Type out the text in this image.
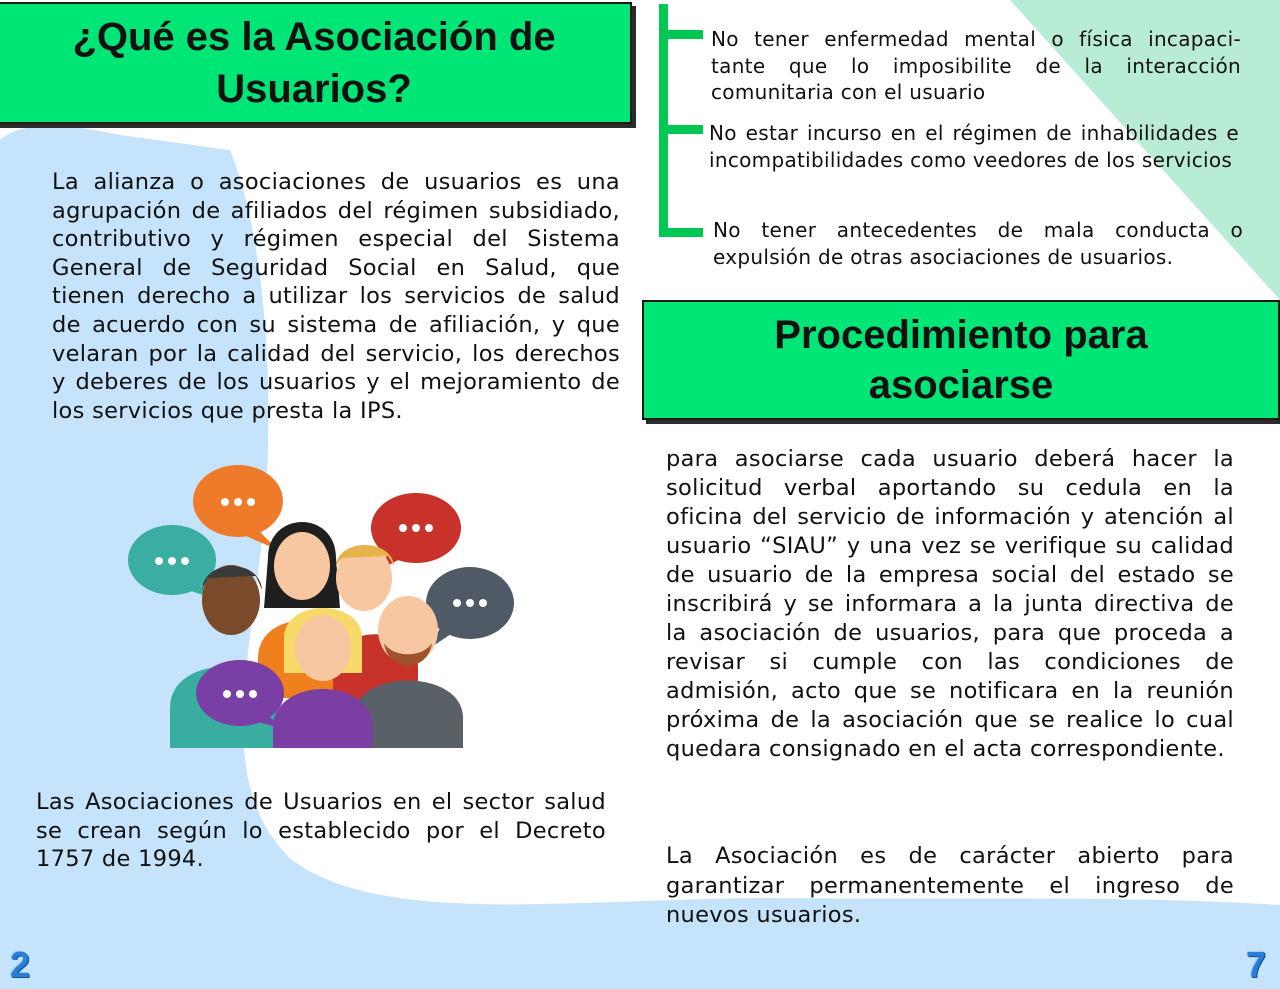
¿Qué es la Asociación de Usuarios?
La alianza o asociaciones de usuarios es una agrupación de afiliados del régimen subsidiado, contributivo y régimen especial del Sistema General de Seguridad Social en Salud, que tienen derecho a utilizar los servicios de salud de acuerdo con su sistema de afiliación, y que velaran por la calidad del servicio, los derechos y deberes de los usuarios y el mejoramiento de los servicios que presta la IPS.
Las Asociaciones de Usuarios en el sector salud se crean según lo establecido por el Decreto 1757 de 1994.
2
No tener enfermedad mental o física incapaci-tante que lo imposibilite de la interacción comunitaria con el usuario
No estar incurso en el régimen de inhabilidades e incompatibilidades como veedores de los servicios
No tener antecedentes de mala conducta o expulsión de otras asociaciones de usuarios.
Procedimiento para asociarse
para asociarse cada usuario deberá hacer la solicitud verbal aportando su cedula en la oficina del servicio de información y atención al usuario “SIAU” y una vez se verifique su calidad de usuario de la empresa social del estado se inscribirá y se informara a la junta directiva de la asociación de usuarios, para que proceda a revisar si cumple con las condiciones de admisión, acto que se notificara en la reunión próxima de la asociación que se realice lo cual quedara consignado en el acta correspondiente.
La Asociación es de carácter abierto para garantizar permanentemente el ingreso de nuevos usuarios.
7
